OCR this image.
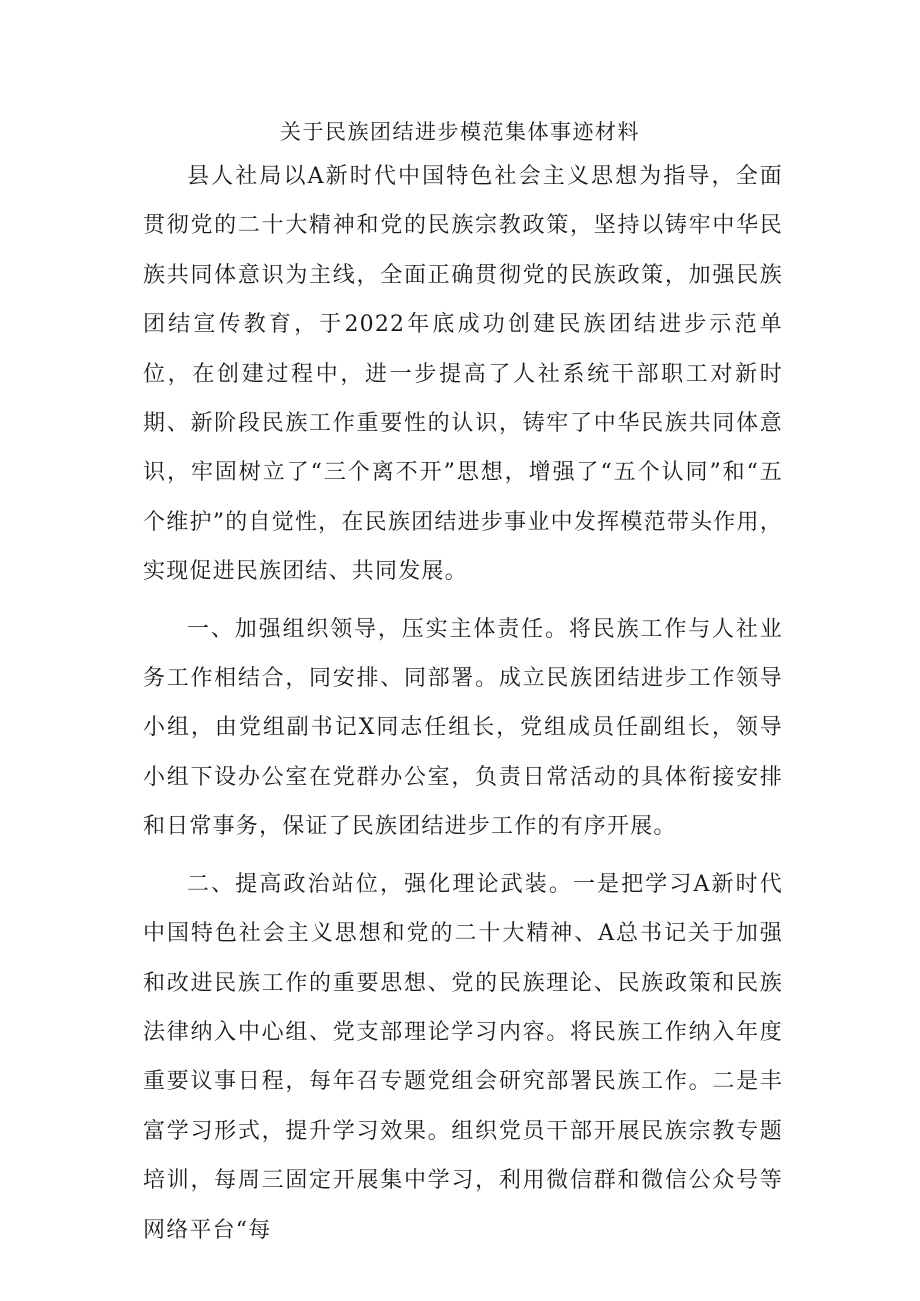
关于民族团结进步模范集体事迹材料

县人社局以A新时代中国特色社会主义思想为指导，全面贯彻党的二十大精神和党的民族宗教政策，坚持以铸牢中华民族共同体意识为主线，全面正确贯彻党的民族政策，加强民族团结宣传教育，于2022年底成功创建民族团结进步示范单位，在创建过程中，进一步提高了人社系统干部职工对新时期、新阶段民族工作重要性的认识，铸牢了中华民族共同体意识，牢固树立了“三个离不开”思想，增强了“五个认同”和“五个维护”的自觉性，在民族团结进步事业中发挥模范带头作用，实现促进民族团结、共同发展。

一、加强组织领导，压实主体责任。将民族工作与人社业务工作相结合，同安排、同部署。成立民族团结进步工作领导小组，由党组副书记X同志任组长，党组成员任副组长，领导小组下设办公室在党群办公室，负责日常活动的具体衔接安排和日常事务，保证了民族团结进步工作的有序开展。

二、提高政治站位，强化理论武装。一是把学习A新时代中国特色社会主义思想和党的二十大精神、A总书记关于加强和改进民族工作的重要思想、党的民族理论、民族政策和民族法律纳入中心组、党支部理论学习内容。将民族工作纳入年度重要议事日程，每年召专题党组会研究部署民族工作。二是丰富学习形式，提升学习效果。组织党员干部开展民族宗教专题培训，每周三固定开展集中学习，利用微信群和微信公众号等网络平台“每
